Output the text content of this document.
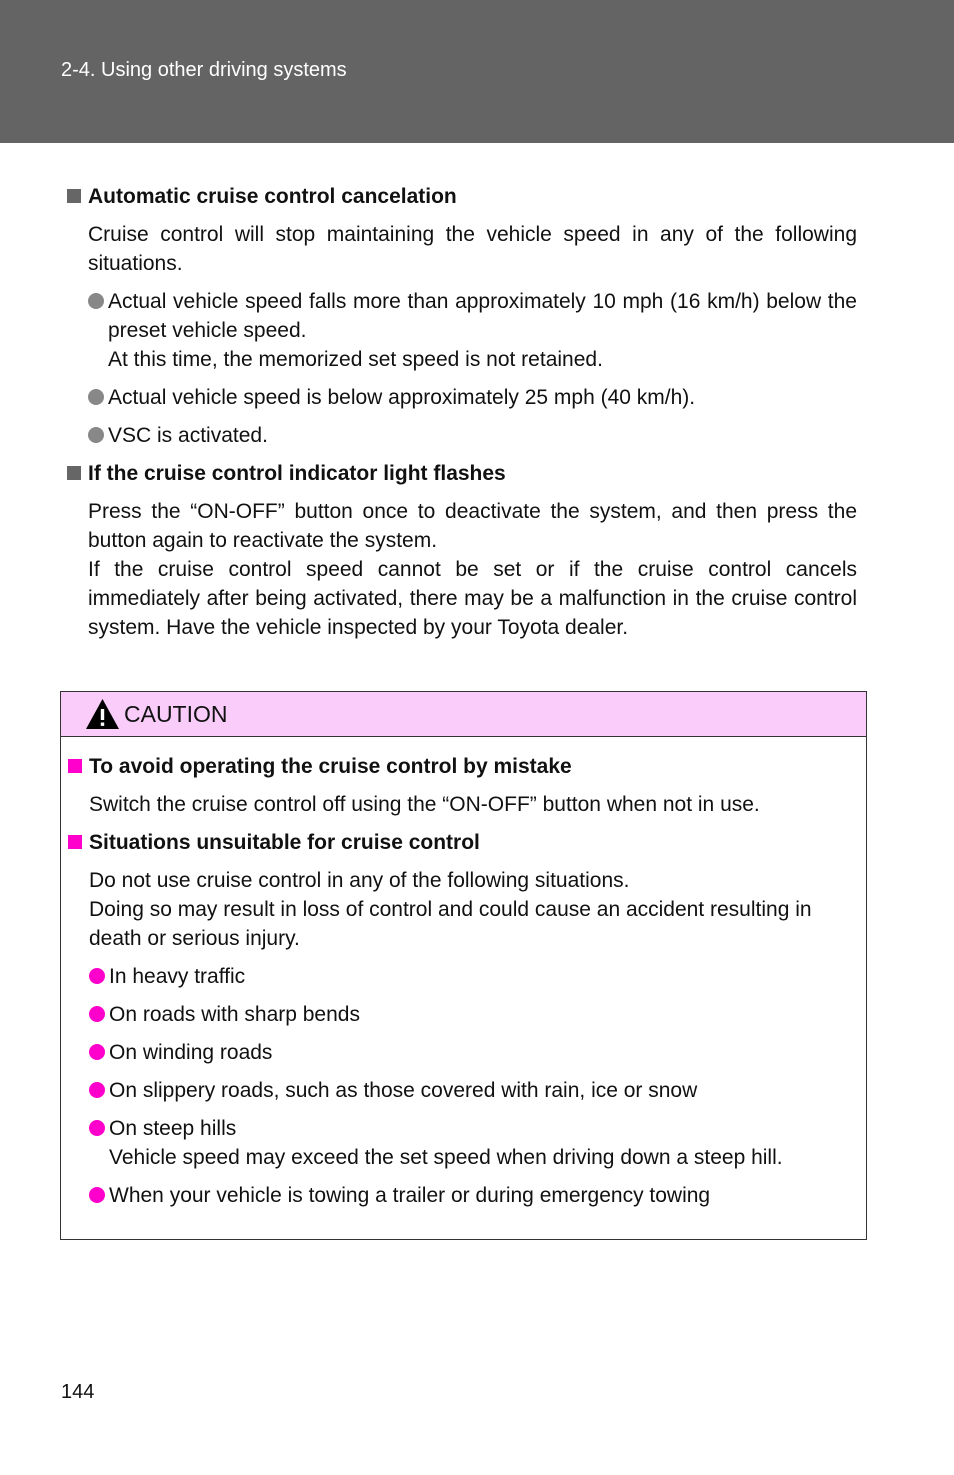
2-4. Using other driving systems
Automatic cruise control cancelation

Cruise control will stop maintaining the vehicle speed in any of the following situations.

Actual vehicle speed falls more than approximately 10 mph (16 km/h) below the preset vehicle speed.

At this time, the memorized set speed is not retained.

Actual vehicle speed is below approximately 25 mph (40 km/h).

VSC is activated.

If the cruise control indicator light flashes

Press the “ON-OFF” button once to deactivate the system, and then press the button again to reactivate the system.

If the cruise control speed cannot be set or if the cruise control cancels immediately after being activated, there may be a malfunction in the cruise control system. Have the vehicle inspected by your Toyota dealer.

CAUTION
To avoid operating the cruise control by mistake

Switch the cruise control off using the “ON-OFF” button when not in use.

Situations unsuitable for cruise control

Do not use cruise control in any of the following situations.

Doing so may result in loss of control and could cause an accident resulting in death or serious injury.

In heavy traffic

On roads with sharp bends

On winding roads

On slippery roads, such as those covered with rain, ice or snow

On steep hills

Vehicle speed may exceed the set speed when driving down a steep hill.

When your vehicle is towing a trailer or during emergency towing

144
